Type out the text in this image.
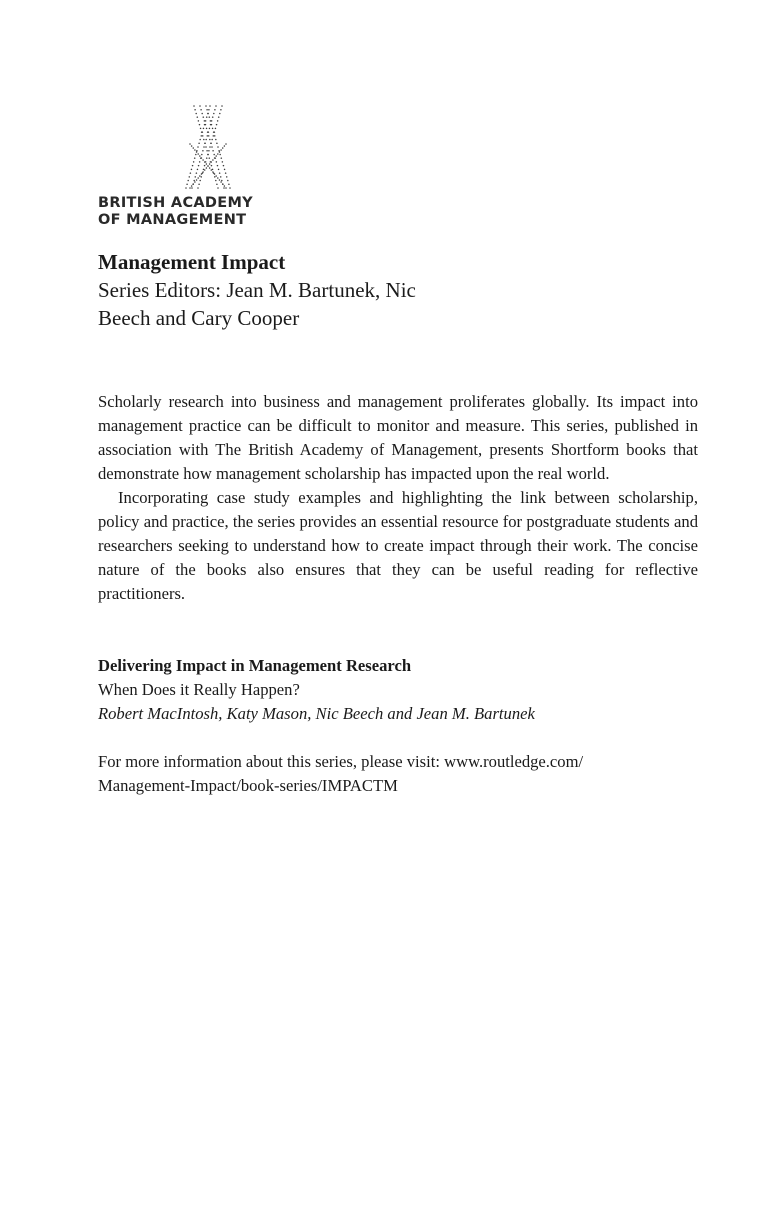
BRITISH ACADEMY
OF MANAGEMENT
Management Impact
Series Editors: Jean M. Bartunek, Nic
Beech and Cary Cooper

Scholarly research into business and management proliferates globally. Its impact into management practice can be difficult to monitor and measure. This series, published in association with The British Academy of Management, presents Shortform books that demonstrate how management scholarship has impacted upon the real world.

Incorporating case study examples and highlighting the link between scholarship, policy and practice, the series provides an essential resource for postgraduate students and researchers seeking to understand how to create impact through their work. The concise nature of the books also ensures that they can be useful reading for reflective practitioners.

Delivering Impact in Management Research
When Does it Really Happen?
Robert MacIntosh, Katy Mason, Nic Beech and Jean M. Bartunek
For more information about this series, please visit: www.routledge.com/
Management-Impact/book-series/IMPACTM
